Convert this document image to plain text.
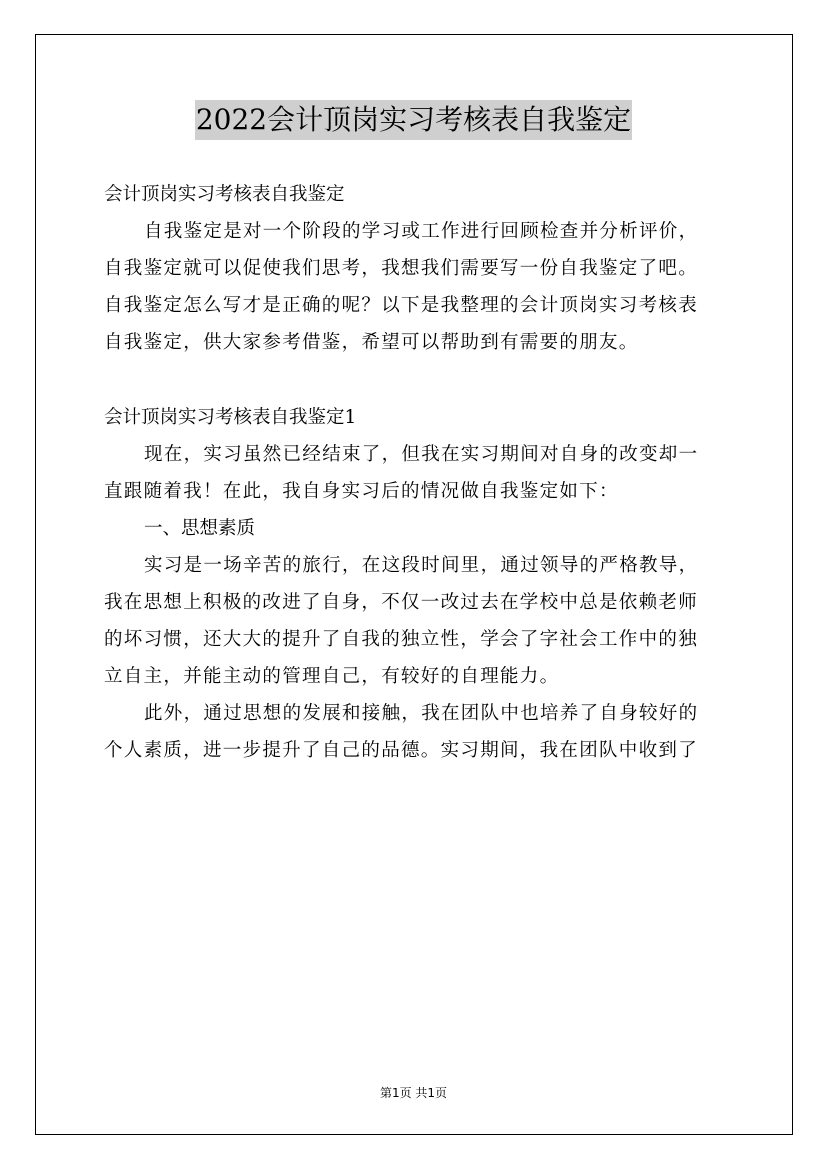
2022会计顶岗实习考核表自我鉴定
会计顶岗实习考核表自我鉴定
自我鉴定是对一个阶段的学习或工作进行回顾检查并分析评价，
自我鉴定就可以促使我们思考，我想我们需要写一份自我鉴定了吧。
自我鉴定怎么写才是正确的呢？以下是我整理的会计顶岗实习考核表
自我鉴定，供大家参考借鉴，希望可以帮助到有需要的朋友。
会计顶岗实习考核表自我鉴定1
现在，实习虽然已经结束了，但我在实习期间对自身的改变却一
直跟随着我！在此，我自身实习后的情况做自我鉴定如下：
一、思想素质
实习是一场辛苦的旅行，在这段时间里，通过领导的严格教导，
我在思想上积极的改进了自身，不仅一改过去在学校中总是依赖老师
的坏习惯，还大大的提升了自我的独立性，学会了字社会工作中的独
立自主，并能主动的管理自己，有较好的自理能力。
此外，通过思想的发展和接触，我在团队中也培养了自身较好的
个人素质，进一步提升了自己的品德。实习期间，我在团队中收到了
第1页 共1页
